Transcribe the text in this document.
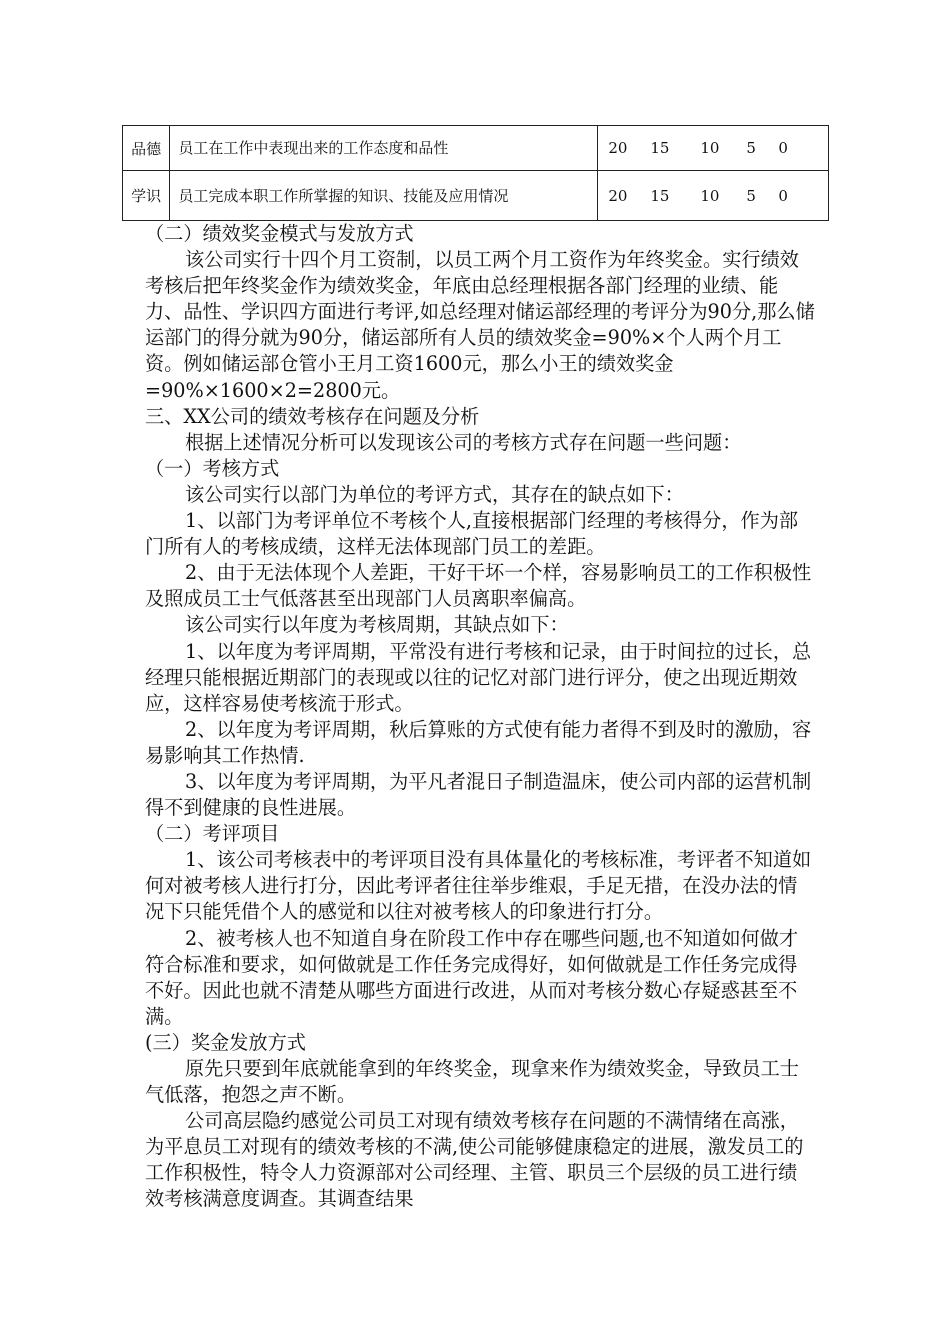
品德	员工在工作中表现出来的工作态度和品性	20 15 10 5 0
学识	员工完成本职工作所掌握的知识、技能及应用情况	20 15 10 5 0

（二）绩效奖金模式与发放方式

该公司实行十四个月工资制，以员工两个月工资作为年终奖金。实行绩效考核后把年终奖金作为绩效奖金，年底由总经理根据各部门经理的业绩、能力、品性、学识四方面进行考评,如总经理对储运部经理的考评分为90分,那么储运部门的得分就为90分，储运部所有人员的绩效奖金=90%×个人两个月工资。例如储运部仓管小王月工资1600元，那么小王的绩效奖金=90%×1600×2=2800元。

三、XX公司的绩效考核存在问题及分析

根据上述情况分析可以发现该公司的考核方式存在问题一些问题：

（一）考核方式

该公司实行以部门为单位的考评方式，其存在的缺点如下：

1、以部门为考评单位不考核个人,直接根据部门经理的考核得分，作为部门所有人的考核成绩，这样无法体现部门员工的差距。

2、由于无法体现个人差距，干好干坏一个样，容易影响员工的工作积极性及照成员工士气低落甚至出现部门人员离职率偏高。

该公司实行以年度为考核周期，其缺点如下：

1、以年度为考评周期，平常没有进行考核和记录，由于时间拉的过长，总经理只能根据近期部门的表现或以往的记忆对部门进行评分，使之出现近期效应，这样容易使考核流于形式。

2、以年度为考评周期，秋后算账的方式使有能力者得不到及时的激励，容易影响其工作热情.

3、以年度为考评周期，为平凡者混日子制造温床，使公司内部的运营机制得不到健康的良性进展。

（二）考评项目

1、该公司考核表中的考评项目没有具体量化的考核标准，考评者不知道如何对被考核人进行打分，因此考评者往往举步维艰，手足无措，在没办法的情况下只能凭借个人的感觉和以往对被考核人的印象进行打分。

2、被考核人也不知道自身在阶段工作中存在哪些问题,也不知道如何做才符合标准和要求，如何做就是工作任务完成得好，如何做就是工作任务完成得不好。因此也就不清楚从哪些方面进行改进，从而对考核分数心存疑惑甚至不满。

(三）奖金发放方式

原先只要到年底就能拿到的年终奖金，现拿来作为绩效奖金，导致员工士气低落，抱怨之声不断。

公司高层隐约感觉公司员工对现有绩效考核存在问题的不满情绪在高涨，为平息员工对现有的绩效考核的不满,使公司能够健康稳定的进展，激发员工的工作积极性，特令人力资源部对公司经理、主管、职员三个层级的员工进行绩效考核满意度调查。其调查结果
